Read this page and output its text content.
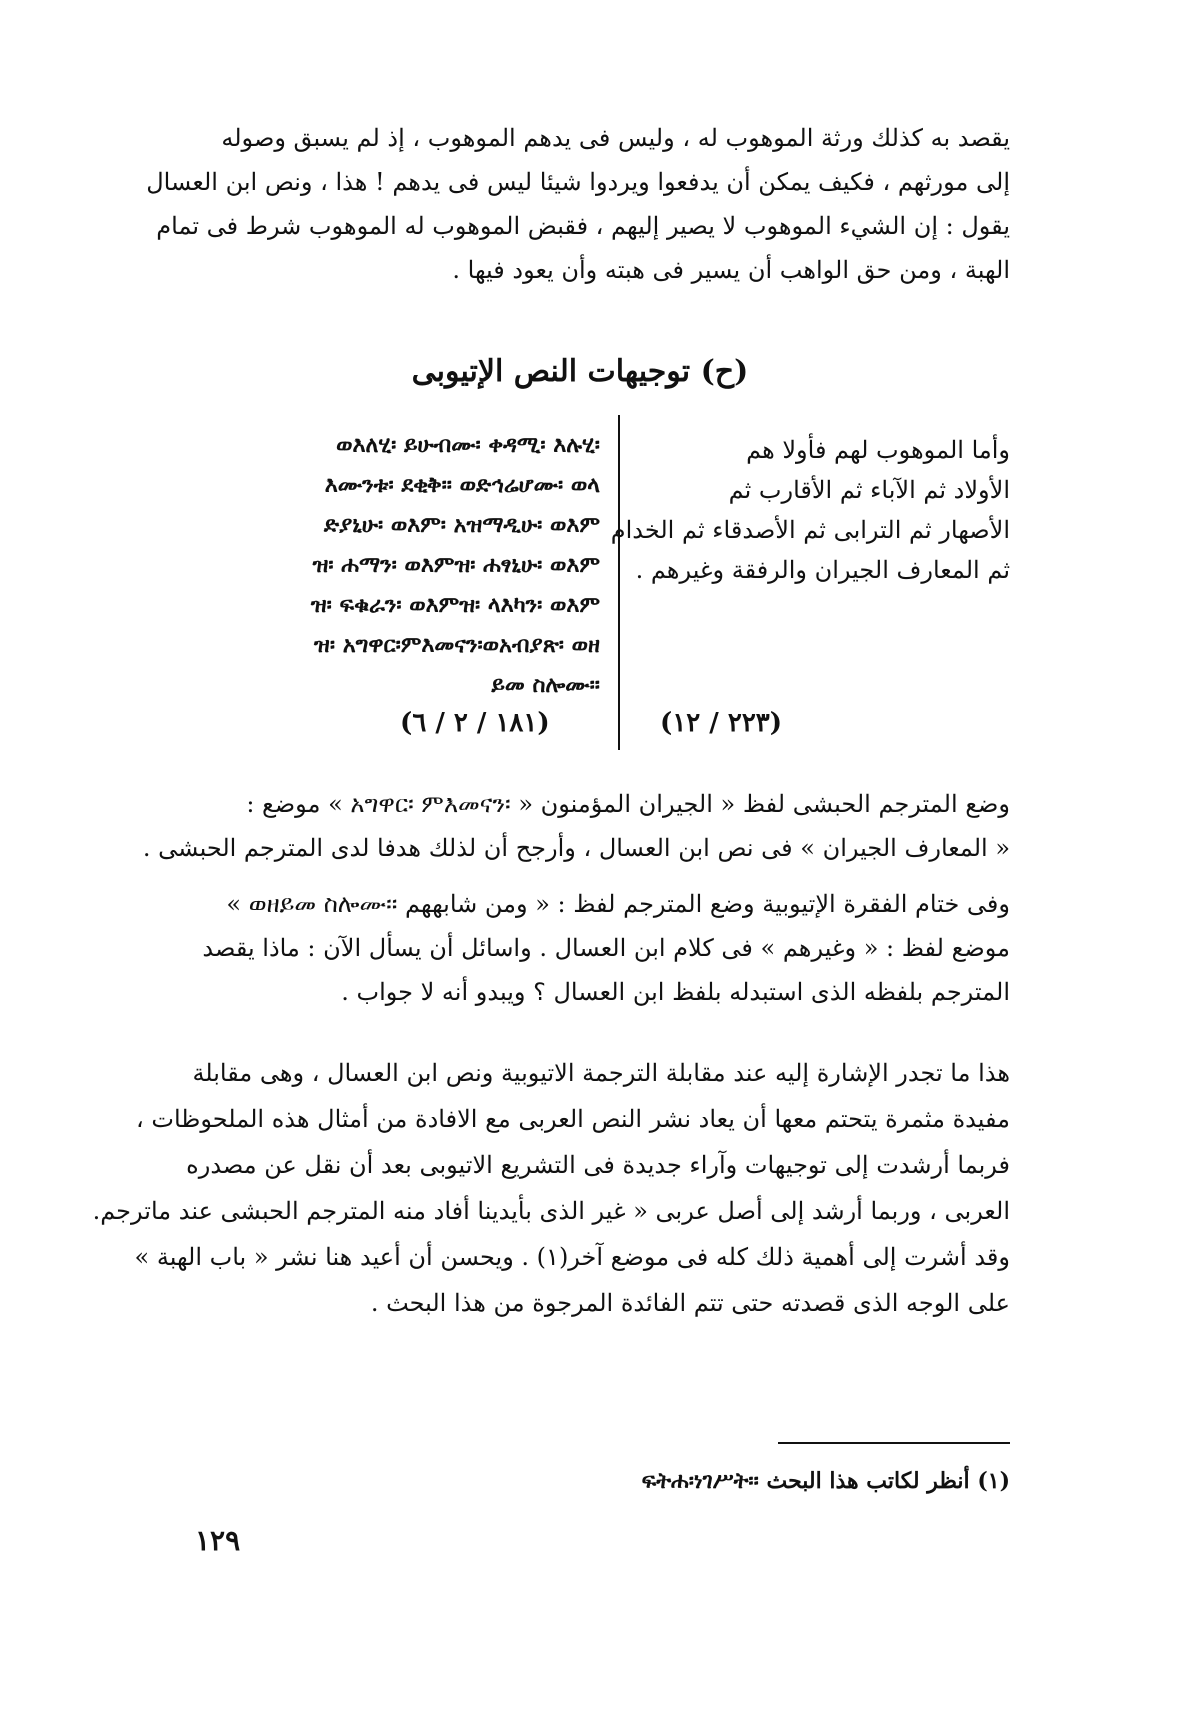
يقصد به كذلك ورثة الموهوب له ، وليس فى يدهم الموهوب ، إذ لم يسبق وصوله
إلى مورثهم ، فكيف يمكن أن يدفعوا ويردوا شيئا ليس فى يدهم ! هذا ، ونص ابن العسال
يقول : إن الشيء الموهوب لا يصير إليهم ، فقبض الموهوب له الموهوب شرط فى تمام
الهبة ، ومن حق الواهب أن يسير فى هبته وأن يعود فيها .
(ح) توجيهات النص الإتيوبى
ወእለሂ፡ ይሁብሙ፡ ቀዳሚ፡ እሉሂ፡
እሙንቱ፡ ደቂቅ፡፡ ወድኅሬሆሙ፡ ወላ
ድያኒሁ፡ ወእም፡ አዝማዲሁ፡ ወእም
ዝ፡ ሐማን፡ ወእምዝ፡ ሐፃኒሁ፡ ወእም
ዝ፡ ፍቁራን፡ ወእምዝ፡ ላእካን፡ ወእም
ዝ፡ አግዋር፡ምእመናን፡ወአብያጽ፡ ወዘ
ይመ ስሎሙ፡፡
وأما الموهوب لهم فأولا هم
الأولاد ثم الآباء ثم الأقارب ثم
الأصهار ثم الترابى ثم الأصدقاء ثم الخدام
ثم المعارف الجيران والرفقة وغيرهم .
(١٨١ / ٢ / ٦)	(٢٢٣ / ١٢)
وضع المترجم الحبشى لفظ « الجيران المؤمنون « አግዋር፡ ምእመናን፡ » موضع :
« المعارف الجيران » فى نص ابن العسال ، وأرجح أن لذلك هدفا لدى المترجم الحبشى .
وفى ختام الفقرة الإتيوبية وضع المترجم لفظ : « ومن شابههم ወዘይመ ስሎሙ፡፡ »
موضع لفظ : « وغيرهم » فى كلام ابن العسال . واسائل أن يسأل الآن : ماذا يقصد
المترجم بلفظه الذى استبدله بلفظ ابن العسال ؟ ويبدو أنه لا جواب .
هذا ما تجدر الإشارة إليه عند مقابلة الترجمة الاتيوبية ونص ابن العسال ، وهى مقابلة
مفيدة مثمرة يتحتم معها أن يعاد نشر النص العربى مع الافادة من أمثال هذه الملحوظات ،
فربما أرشدت إلى توجيهات وآراء جديدة فى التشريع الاتيوبى بعد أن نقل عن مصدره
العربى ، وربما أرشد إلى أصل عربى « غير الذى بأيدينا أفاد منه المترجم الحبشى عند ماترجم.
وقد أشرت إلى أهمية ذلك كله فى موضع آخر(١) . ويحسن أن أعيد هنا نشر « باب الهبة »
على الوجه الذى قصدته حتى تتم الفائدة المرجوة من هذا البحث .
(١) أنظر لكاتب هذا البحث ፍትሐ፡ነገሥት፡፡
١٢٩
